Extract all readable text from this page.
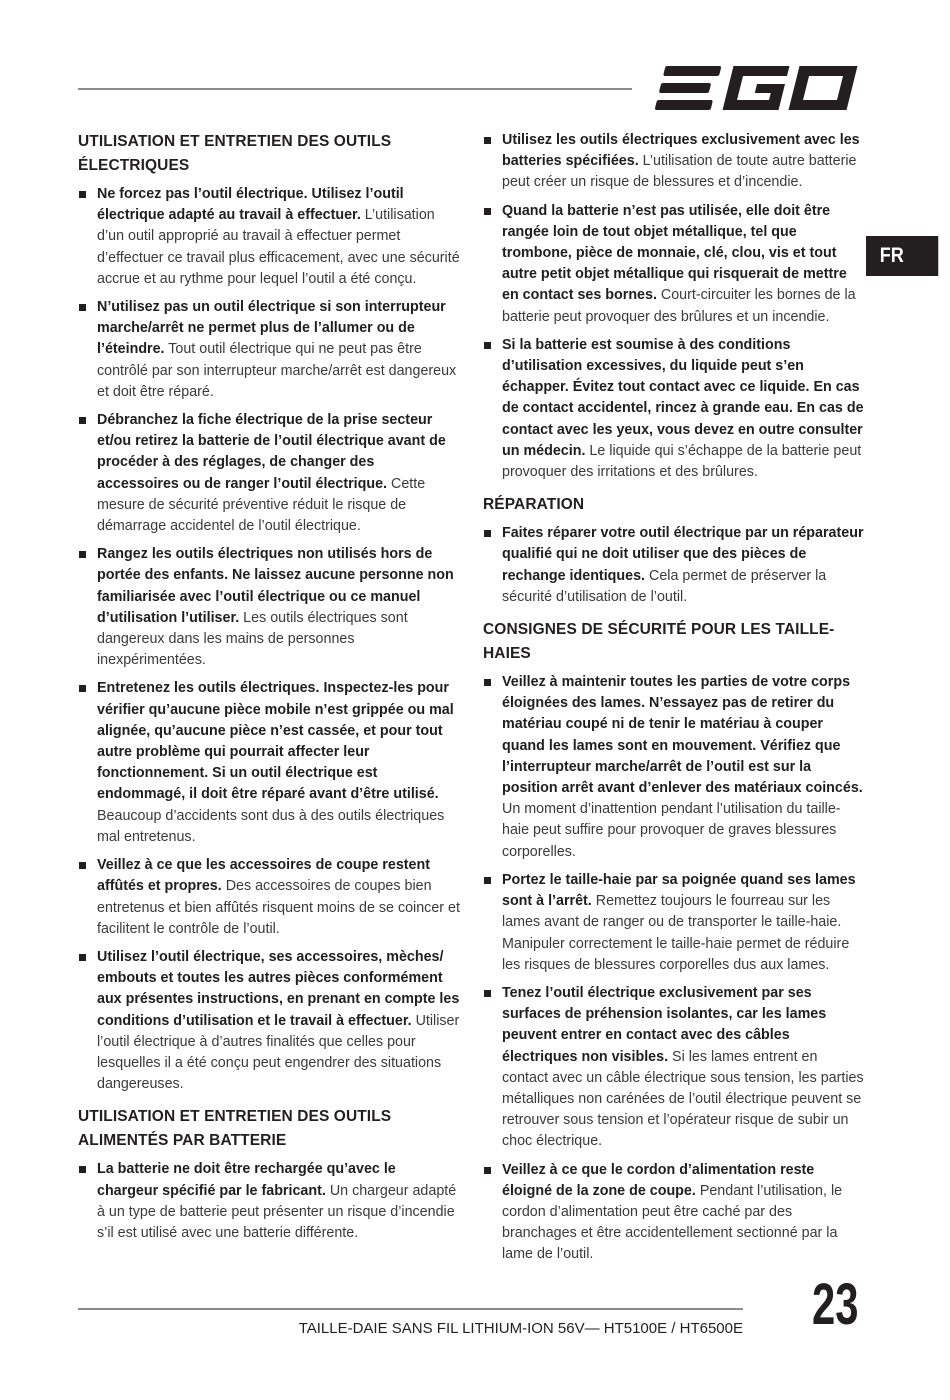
FR
UTILISATION ET ENTRETIEN DES OUTILS ÉLECTRIQUES
Ne forcez pas l’outil électrique. Utilisez l’outil électrique adapté au travail à effectuer. L’utilisation d’un outil approprié au travail à effectuer permet d’effectuer ce travail plus efficacement, avec une sécurité accrue et au rythme pour lequel l’outil a été conçu.
N’utilisez pas un outil électrique si son interrupteur marche/arrêt ne permet plus de l’allumer ou de l’éteindre. Tout outil électrique qui ne peut pas être contrôlé par son interrupteur marche/arrêt est dangereux et doit être réparé.
Débranchez la fiche électrique de la prise secteur et/ou retirez la batterie de l’outil électrique avant de procéder à des réglages, de changer des accessoires ou de ranger l’outil électrique. Cette mesure de sécurité préventive réduit le risque de démarrage accidentel de l’outil électrique.
Rangez les outils électriques non utilisés hors de portée des enfants. Ne laissez aucune personne non familiarisée avec l’outil électrique ou ce manuel d’utilisation l’utiliser. Les outils électriques sont dangereux dans les mains de personnes inexpérimentées.
Entretenez les outils électriques. Inspectez-les pour vérifier qu’aucune pièce mobile n’est grippée ou mal alignée, qu’aucune pièce n’est cassée, et pour tout autre problème qui pourrait affecter leur fonctionnement. Si un outil électrique est endommagé, il doit être réparé avant d’être utilisé. Beaucoup d’accidents sont dus à des outils électriques mal entretenus.
Veillez à ce que les accessoires de coupe restent affûtés et propres. Des accessoires de coupes bien entretenus et bien affûtés risquent moins de se coincer et facilitent le contrôle de l’outil.
Utilisez l’outil électrique, ses accessoires, mèches/ embouts et toutes les autres pièces conformément aux présentes instructions, en prenant en compte les conditions d’utilisation et le travail à effectuer. Utiliser l’outil électrique à d’autres finalités que celles pour lesquelles il a été conçu peut engendrer des situations dangereuses.
UTILISATION ET ENTRETIEN DES OUTILS ALIMENTÉS PAR BATTERIE
La batterie ne doit être rechargée qu’avec le chargeur spécifié par le fabricant. Un chargeur adapté à un type de batterie peut présenter un risque d’incendie s’il est utilisé avec une batterie différente.
Utilisez les outils électriques exclusivement avec les batteries spécifiées. L’utilisation de toute autre batterie peut créer un risque de blessures et d’incendie.
Quand la batterie n’est pas utilisée, elle doit être rangée loin de tout objet métallique, tel que trombone, pièce de monnaie, clé, clou, vis et tout autre petit objet métallique qui risquerait de mettre en contact ses bornes. Court-circuiter les bornes de la batterie peut provoquer des brûlures et un incendie.
Si la batterie est soumise à des conditions d’utilisation excessives, du liquide peut s’en échapper. Évitez tout contact avec ce liquide. En cas de contact accidentel, rincez à grande eau. En cas de contact avec les yeux, vous devez en outre consulter un médecin. Le liquide qui s’échappe de la batterie peut provoquer des irritations et des brûlures.
RÉPARATION
Faites réparer votre outil électrique par un réparateur qualifié qui ne doit utiliser que des pièces de rechange identiques. Cela permet de préserver la sécurité d’utilisation de l’outil.
CONSIGNES DE SÉCURITÉ POUR LES TAILLE-HAIES
Veillez à maintenir toutes les parties de votre corps éloignées des lames. N’essayez pas de retirer du matériau coupé ni de tenir le matériau à couper quand les lames sont en mouvement. Vérifiez que l’interrupteur marche/arrêt de l’outil est sur la position arrêt avant d’enlever des matériaux coincés. Un moment d’inattention pendant l’utilisation du taille-haie peut suffire pour provoquer de graves blessures corporelles.
Portez le taille-haie par sa poignée quand ses lames sont à l’arrêt. Remettez toujours le fourreau sur les lames avant de ranger ou de transporter le taille-haie. Manipuler correctement le taille-haie permet de réduire les risques de blessures corporelles dus aux lames.
Tenez l’outil électrique exclusivement par ses surfaces de préhension isolantes, car les lames peuvent entrer en contact avec des câbles électriques non visibles. Si les lames entrent en contact avec un câble électrique sous tension, les parties métalliques non carénées de l’outil électrique peuvent se retrouver sous tension et l’opérateur risque de subir un choc électrique.
Veillez à ce que le cordon d’alimentation reste éloigné de la zone de coupe. Pendant l’utilisation, le cordon d’alimentation peut être caché par des branchages et être accidentellement sectionné par la lame de l’outil.
TAILLE-DAIE SANS FIL LITHIUM-ION 56V— HT5100E / HT6500E 23
